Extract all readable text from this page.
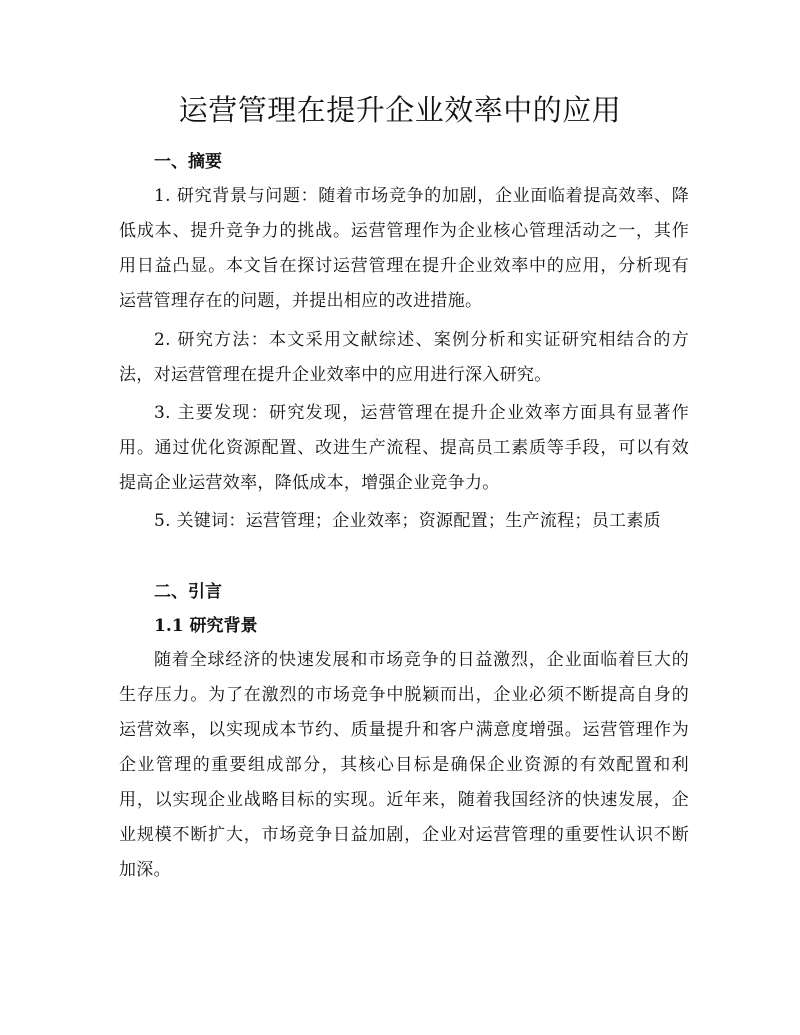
运营管理在提升企业效率中的应用
一、摘要

1. 研究背景与问题：随着市场竞争的加剧，企业面临着提高效率、降低成本、提升竞争力的挑战。运营管理作为企业核心管理活动之一，其作用日益凸显。本文旨在探讨运营管理在提升企业效率中的应用，分析现有运营管理存在的问题，并提出相应的改进措施。

2. 研究方法：本文采用文献综述、案例分析和实证研究相结合的方法，对运营管理在提升企业效率中的应用进行深入研究。

3. 主要发现：研究发现，运营管理在提升企业效率方面具有显著作用。通过优化资源配置、改进生产流程、提高员工素质等手段，可以有效提高企业运营效率，降低成本，增强企业竞争力。

5. 关键词：运营管理；企业效率；资源配置；生产流程；员工素质

二、引言
1.1 研究背景

随着全球经济的快速发展和市场竞争的日益激烈，企业面临着巨大的生存压力。为了在激烈的市场竞争中脱颖而出，企业必须不断提高自身的运营效率，以实现成本节约、质量提升和客户满意度增强。运营管理作为企业管理的重要组成部分，其核心目标是确保企业资源的有效配置和利用，以实现企业战略目标的实现。近年来，随着我国经济的快速发展，企业规模不断扩大，市场竞争日益加剧，企业对运营管理的重要性认识不断加深。
